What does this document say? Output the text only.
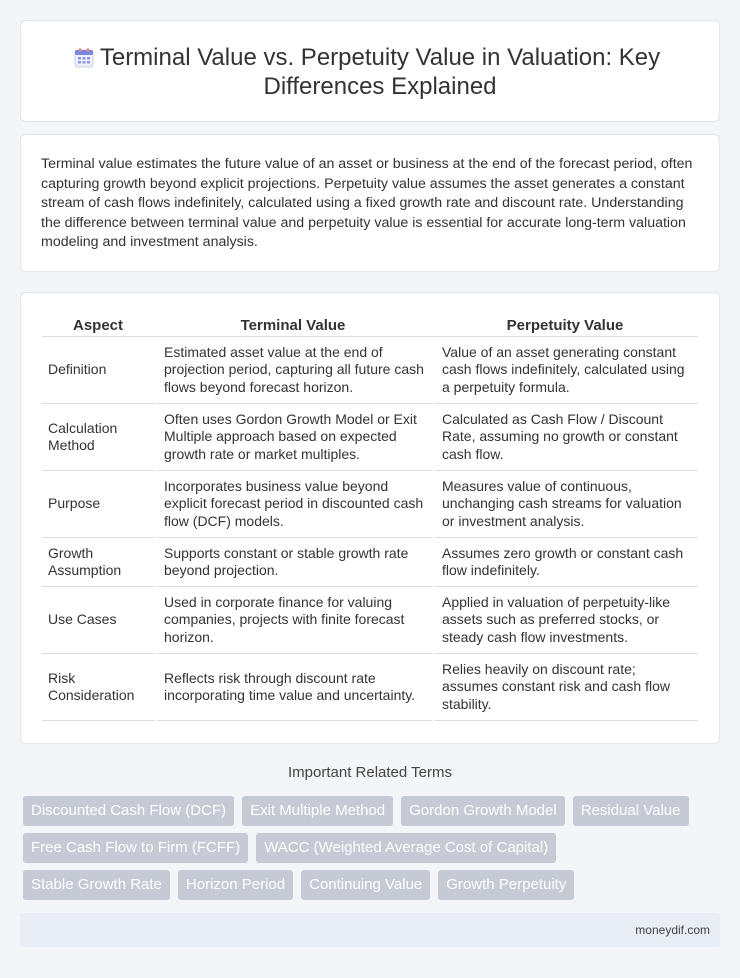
Terminal Value vs. Perpetuity Value in Valuation: Key Differences Explained

Terminal value estimates the future value of an asset or business at the end of the forecast period, often capturing growth beyond explicit projections. Perpetuity value assumes the asset generates a constant stream of cash flows indefinitely, calculated using a fixed growth rate and discount rate. Understanding the difference between terminal value and perpetuity value is essential for accurate long-term valuation modeling and investment analysis.

Aspect	Terminal Value	Perpetuity Value
Definition	Estimated asset value at the end of projection period, capturing all future cash flows beyond forecast horizon.	Value of an asset generating constant cash flows indefinitely, calculated using a perpetuity formula.
Calculation Method	Often uses Gordon Growth Model or Exit Multiple approach based on expected growth rate or market multiples.	Calculated as Cash Flow / Discount Rate, assuming no growth or constant cash flow.
Purpose	Incorporates business value beyond explicit forecast period in discounted cash flow (DCF) models.	Measures value of continuous, unchanging cash streams for valuation or investment analysis.
Growth Assumption	Supports constant or stable growth rate beyond projection.	Assumes zero growth or constant cash flow indefinitely.
Use Cases	Used in corporate finance for valuing companies, projects with finite forecast horizon.	Applied in valuation of perpetuity-like assets such as preferred stocks, or steady cash flow investments.
Risk Consideration	Reflects risk through discount rate incorporating time value and uncertainty.	Relies heavily on discount rate; assumes constant risk and cash flow stability.
Important Related Terms
Discounted Cash Flow (DCF)	Exit Multiple Method	Gordon Growth Model	Residual Value
Free Cash Flow to Firm (FCFF)	WACC (Weighted Average Cost of Capital)
Stable Growth Rate	Horizon Period	Continuing Value	Growth Perpetuity
moneydif.com
